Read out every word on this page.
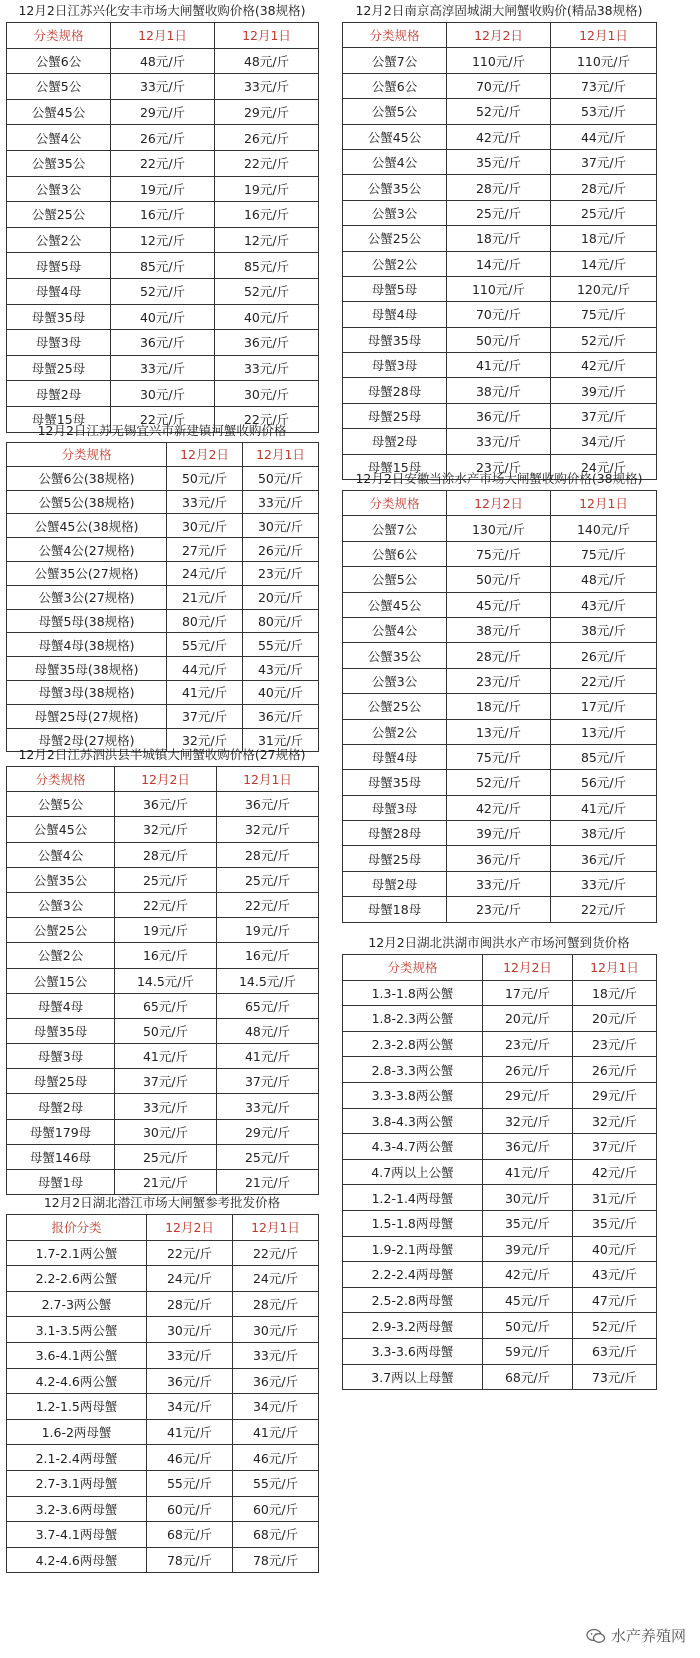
12月2日江苏兴化安丰市场大闸蟹收购价格(38规格)
分类规格	12月1日	12月1日
公蟹6公	48元/斤	48元/斤
公蟹5公	33元/斤	33元/斤
公蟹45公	29元/斤	29元/斤
公蟹4公	26元/斤	26元/斤
公蟹35公	22元/斤	22元/斤
公蟹3公	19元/斤	19元/斤
公蟹25公	16元/斤	16元/斤
公蟹2公	12元/斤	12元/斤
母蟹5母	85元/斤	85元/斤
母蟹4母	52元/斤	52元/斤
母蟹35母	40元/斤	40元/斤
母蟹3母	36元/斤	36元/斤
母蟹25母	33元/斤	33元/斤
母蟹2母	30元/斤	30元/斤
母蟹15母	22元/斤	22元/斤
12月2日江苏无锡宜兴市新建镇河蟹收购价格
分类规格	12月2日	12月1日
公蟹6公(38规格)	50元/斤	50元/斤
公蟹5公(38规格)	33元/斤	33元/斤
公蟹45公(38规格)	30元/斤	30元/斤
公蟹4公(27规格)	27元/斤	26元/斤
公蟹35公(27规格)	24元/斤	23元/斤
公蟹3公(27规格)	21元/斤	20元/斤
母蟹5母(38规格)	80元/斤	80元/斤
母蟹4母(38规格)	55元/斤	55元/斤
母蟹35母(38规格)	44元/斤	43元/斤
母蟹3母(38规格)	41元/斤	40元/斤
母蟹25母(27规格)	37元/斤	36元/斤
母蟹2母(27规格)	32元/斤	31元/斤
12月2日江苏泗洪县半城镇大闸蟹收购价格(27规格)
分类规格	12月2日	12月1日
公蟹5公	36元/斤	36元/斤
公蟹45公	32元/斤	32元/斤
公蟹4公	28元/斤	28元/斤
公蟹35公	25元/斤	25元/斤
公蟹3公	22元/斤	22元/斤
公蟹25公	19元/斤	19元/斤
公蟹2公	16元/斤	16元/斤
公蟹15公	14.5元/斤	14.5元/斤
母蟹4母	65元/斤	65元/斤
母蟹35母	50元/斤	48元/斤
母蟹3母	41元/斤	41元/斤
母蟹25母	37元/斤	37元/斤
母蟹2母	33元/斤	33元/斤
母蟹179母	30元/斤	29元/斤
母蟹146母	25元/斤	25元/斤
母蟹1母	21元/斤	21元/斤
12月2日湖北潜江市场大闸蟹参考批发价格
报价分类	12月2日	12月1日
1.7-2.1两公蟹	22元/斤	22元/斤
2.2-2.6两公蟹	24元/斤	24元/斤
2.7-3两公蟹	28元/斤	28元/斤
3.1-3.5两公蟹	30元/斤	30元/斤
3.6-4.1两公蟹	33元/斤	33元/斤
4.2-4.6两公蟹	36元/斤	36元/斤
1.2-1.5两母蟹	34元/斤	34元/斤
1.6-2两母蟹	41元/斤	41元/斤
2.1-2.4两母蟹	46元/斤	46元/斤
2.7-3.1两母蟹	55元/斤	55元/斤
3.2-3.6两母蟹	60元/斤	60元/斤
3.7-4.1两母蟹	68元/斤	68元/斤
4.2-4.6两母蟹	78元/斤	78元/斤
12月2日南京高淳固城湖大闸蟹收购价(精品38规格)
分类规格	12月2日	12月1日
公蟹7公	110元/斤	110元/斤
公蟹6公	70元/斤	73元/斤
公蟹5公	52元/斤	53元/斤
公蟹45公	42元/斤	44元/斤
公蟹4公	35元/斤	37元/斤
公蟹35公	28元/斤	28元/斤
公蟹3公	25元/斤	25元/斤
公蟹25公	18元/斤	18元/斤
公蟹2公	14元/斤	14元/斤
母蟹5母	110元/斤	120元/斤
母蟹4母	70元/斤	75元/斤
母蟹35母	50元/斤	52元/斤
母蟹3母	41元/斤	42元/斤
母蟹28母	38元/斤	39元/斤
母蟹25母	36元/斤	37元/斤
母蟹2母	33元/斤	34元/斤
母蟹15母	23元/斤	24元/斤
12月2日安徽当涂水产市场大闸蟹收购价格(38规格)
分类规格	12月2日	12月1日
公蟹7公	130元/斤	140元/斤
公蟹6公	75元/斤	75元/斤
公蟹5公	50元/斤	48元/斤
公蟹45公	45元/斤	43元/斤
公蟹4公	38元/斤	38元/斤
公蟹35公	28元/斤	26元/斤
公蟹3公	23元/斤	22元/斤
公蟹25公	18元/斤	17元/斤
公蟹2公	13元/斤	13元/斤
母蟹4母	75元/斤	85元/斤
母蟹35母	52元/斤	56元/斤
母蟹3母	42元/斤	41元/斤
母蟹28母	39元/斤	38元/斤
母蟹25母	36元/斤	36元/斤
母蟹2母	33元/斤	33元/斤
母蟹18母	23元/斤	22元/斤
12月2日湖北洪湖市闽洪水产市场河蟹到货价格
分类规格	12月2日	12月1日
1.3-1.8两公蟹	17元/斤	18元/斤
1.8-2.3两公蟹	20元/斤	20元/斤
2.3-2.8两公蟹	23元/斤	23元/斤
2.8-3.3两公蟹	26元/斤	26元/斤
3.3-3.8两公蟹	29元/斤	29元/斤
3.8-4.3两公蟹	32元/斤	32元/斤
4.3-4.7两公蟹	36元/斤	37元/斤
4.7两以上公蟹	41元/斤	42元/斤
1.2-1.4两母蟹	30元/斤	31元/斤
1.5-1.8两母蟹	35元/斤	35元/斤
1.9-2.1两母蟹	39元/斤	40元/斤
2.2-2.4两母蟹	42元/斤	43元/斤
2.5-2.8两母蟹	45元/斤	47元/斤
2.9-3.2两母蟹	50元/斤	52元/斤
3.3-3.6两母蟹	59元/斤	63元/斤
3.7两以上母蟹	68元/斤	73元/斤
水产养殖网
